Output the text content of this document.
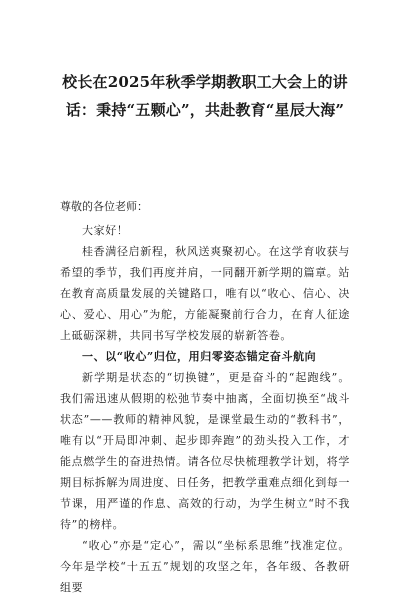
校长在2025年秋季学期教职工大会上的讲话：秉持“五颗心”，共赴教育“星辰大海”

尊敬的各位老师：

大家好！

桂香满径启新程，秋风送爽聚初心。在这学育收获与希望的季节，我们再度并肩，一同翻开新学期的篇章。站在教育高质量发展的关键路口，唯有以“收心、信心、决心、爱心、用心”为舵，方能凝聚前行合力，在育人征途上砥砺深耕，共同书写学校发展的崭新答卷。

一、以“收心”归位，用归零姿态锚定奋斗航向

新学期是状态的“切换键”，更是奋斗的“起跑线”。我们需迅速从假期的松弛节奏中抽离，全面切换至“战斗状态”——教师的精神风貌，是课堂最生动的“教科书”，唯有以“开局即冲刺、起步即奔跑”的劲头投入工作，才能点燃学生的奋进热情。请各位尽快梳理教学计划，将学期目标拆解为周进度、日任务，把教学重难点细化到每一节课，用严谨的作息、高效的行动，为学生树立“时不我待”的榜样。

“收心”亦是“定心”，需以“坐标系思维”找准定位。今年是学校“十五五”规划的攻坚之年，各年级、各教研组要
